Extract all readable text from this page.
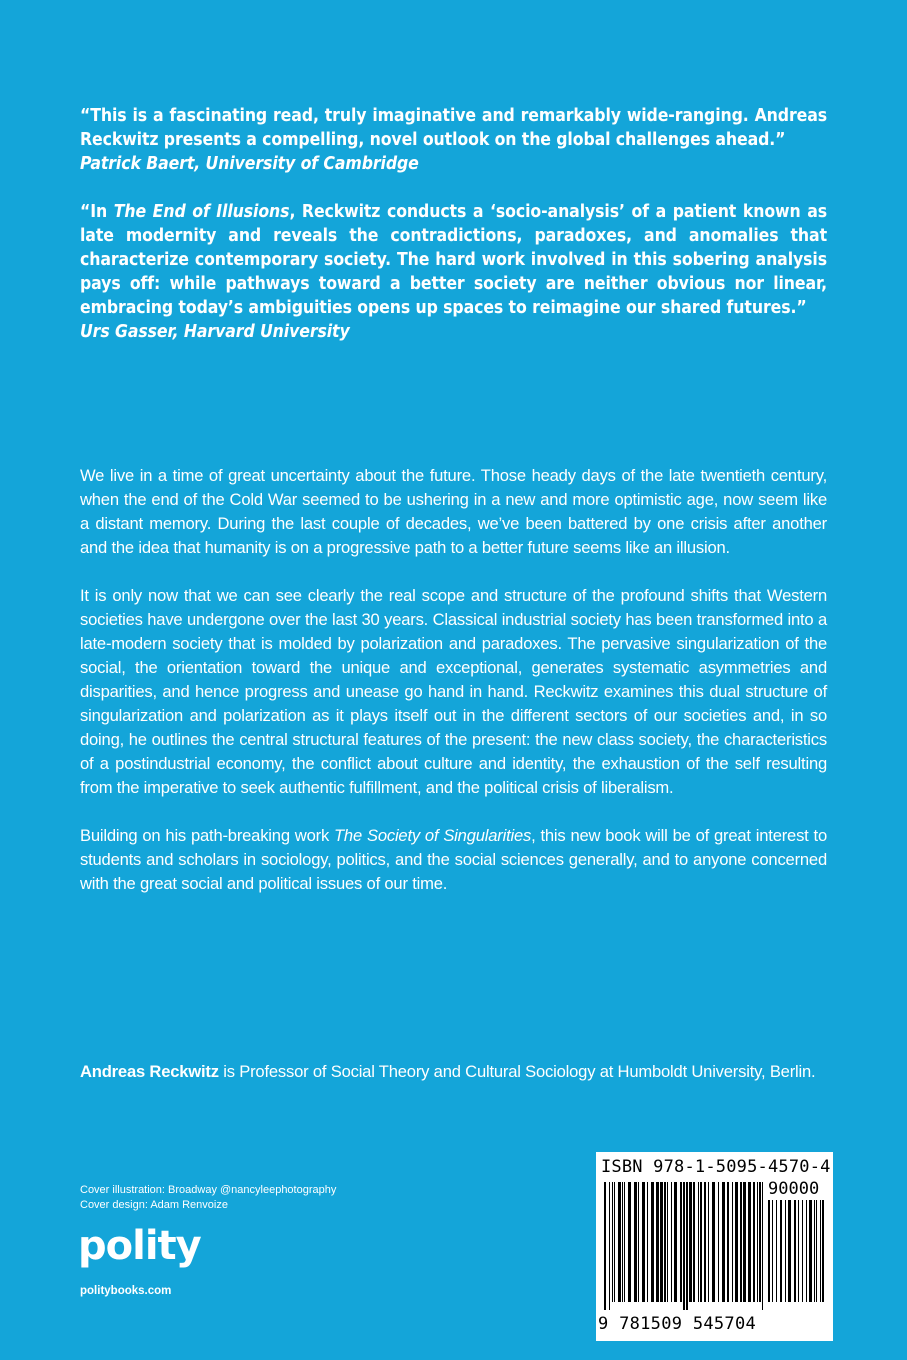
“This is a fascinating read, truly imaginative and remarkably wide-ranging. Andreas Reckwitz presents a compelling, novel outlook on the global challenges ahead.”
Patrick Baert, University of Cambridge

“In The End of Illusions, Reckwitz conducts a ‘socio-analysis’ of a patient known as late modernity and reveals the contradictions, paradoxes, and anomalies that characterize contemporary society. The hard work involved in this sobering analysis pays off: while pathways toward a better society are neither obvious nor linear, embracing today’s ambiguities opens up spaces to reimagine our shared futures.”
Urs Gasser, Harvard University

We live in a time of great uncertainty about the future. Those heady days of the late twentieth century, when the end of the Cold War seemed to be ushering in a new and more optimistic age, now seem like a distant memory. During the last couple of decades, we’ve been battered by one crisis after another and the idea that humanity is on a progressive path to a better future seems like an illusion.

It is only now that we can see clearly the real scope and structure of the profound shifts that Western societies have undergone over the last 30 years. Classical industrial society has been transformed into a late-modern society that is molded by polarization and paradoxes. The pervasive singularization of the social, the orientation toward the unique and exceptional, generates systematic asymmetries and disparities, and hence progress and unease go hand in hand. Reckwitz examines this dual structure of singularization and polarization as it plays itself out in the different sectors of our societies and, in so doing, he outlines the central structural features of the present: the new class society, the characteristics of a postindustrial economy, the conflict about culture and identity, the exhaustion of the self resulting from the imperative to seek authentic fulfillment, and the political crisis of liberalism.

Building on his path-breaking work The Society of Singularities, this new book will be of great interest to students and scholars in sociology, politics, and the social sciences generally, and to anyone concerned with the great social and political issues of our time.

Andreas Reckwitz is Professor of Social Theory and Cultural Sociology at Humboldt University, Berlin.
Cover illustration: Broadway @nancyleephotography
Cover design: Adam Renvoize
polity
politybooks.com
ISBN 978-1-5095-4570-4
90000
9 781509 545704
